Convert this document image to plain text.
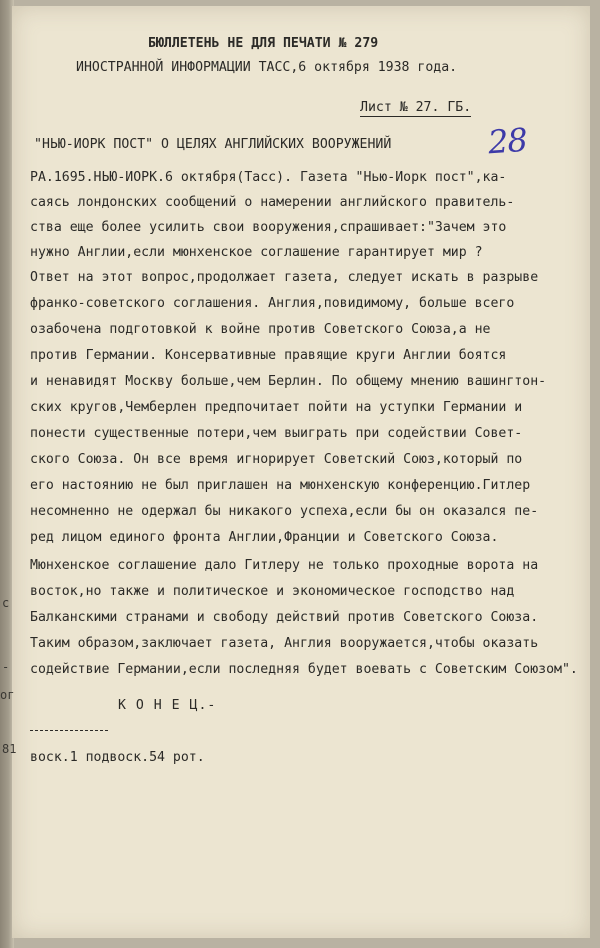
БЮЛЛЕТЕНЬ НЕ ДЛЯ ПЕЧАТИ № 279
ИНОСТРАННОЙ ИНФОРМАЦИИ ТАСС,6 октября 1938 года.
Лист № 27. ГБ.
28
"НЬЮ-ИОРК ПОСТ" О ЦЕЛЯХ АНГЛИЙСКИХ ВООРУЖЕНИЙ
РА.1695.НЬЮ-ИОРК.6 октября(Тасс). Газета "Нью-Иорк пост",ка-
саясь лондонских сообщений о намерении английского правитель-
ства еще более усилить свои вооружения,спрашивает:"Зачем это
нужно Англии,если мюнхенское соглашение гарантирует мир ?
Ответ на этот вопрос,продолжает газета, следует искать в разрыве
франко-советского соглашения. Англия,повидимому, больше всего
озабочена подготовкой к войне против Советского Союза,а не
против Германии. Консервативные правящие круги Англии боятся
и ненавидят Москву больше,чем Берлин. По общему мнению вашингтон-
ских кругов,Чемберлен предпочитает пойти на уступки Германии и
понести существенные потери,чем выиграть при содействии Совет-
ского Союза. Он все время игнорирует Советский Союз,который по
его настоянию не был приглашен на мюнхенскую конференцию.Гитлер
несомненно не одержал бы никакого успеха,если бы он оказался пе-
ред лицом единого фронта Англии,Франции и Советского Союза.
Мюнхенское соглашение дало Гитлеру не только проходные ворота на
восток,но также и политическое и экономическое господство над
Балканскими странами и свободу действий против Советского Союза.
Таким образом,заключает газета, Англия вооружается,чтобы оказать
содействие Германии,если последняя будет воевать с Советским Союзом".
К О Н Е Ц.-
воск.1 подвоск.54 рот.
с
-
ог
81
